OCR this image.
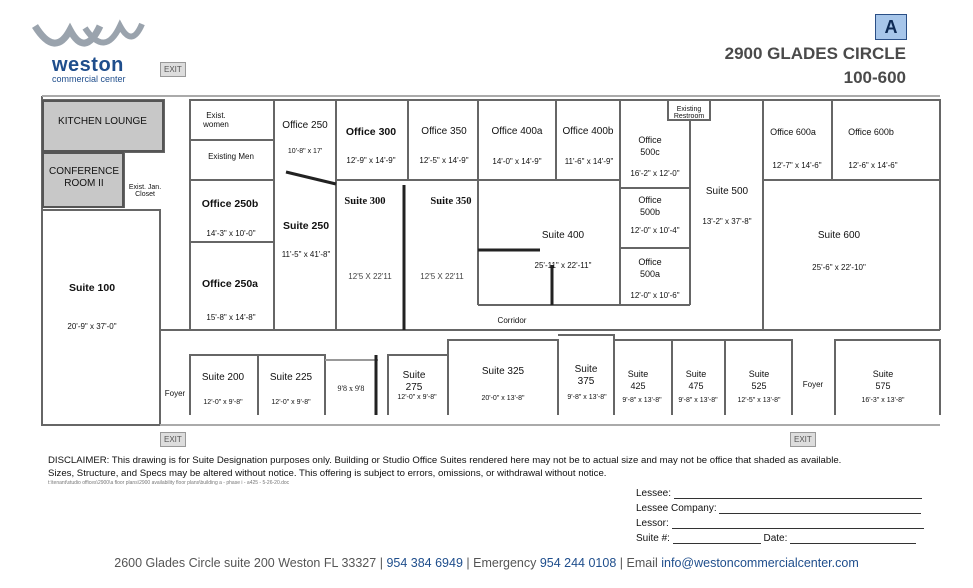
weston
commercial center
A
2900 GLADES CIRCLE
100-600
EXIT
EXIT	EXIT
KITCHEN LOUNGE
CONFERENCE ROOM II	Exist. Jan. Closet
Exist. women
Existing Men
Existing Restroom
Suite 100
20'-9" x 37'-0"
Office 250
10'-8" x 17'
Office 250b
14'-3" x 10'-0"
Office 250a
15'-8" x 14'-8"
Suite 250
11'-5" x 41'-8"
Office 300
12'-9" x 14'-9"
Suite 300
12'5 X 22'11
Office 350
12'-5" x 14'-9"
Suite 350
12'5 X 22'11
Office 400a
14'-0" x 14'-9"
Office 400b
11'-6" x 14'-9"
Suite 400
25'-11" x 22'-11"
Office 500c
16'-2" x 12'-0"
Office 500b
12'-0" x 10'-4"
Office 500a
12'-0" x 10'-6"
Suite 500
13'-2" x 37'-8"
Office 600a
12'-7" x 14'-6"
Office 600b
12'-6" x 14'-6"
Suite 600
25'-6" x 22'-10"
Corridor
Foyer
Foyer
Suite 200
12'-0" x 9'-8"
Suite 225
12'-0" x 9'-8"
9'8 x 9'8
Suite 275
12'-0" x 9'-8"
Suite 325
20'-0" x 13'-8"
Suite 375
9'-8" x 13'-8"
Suite 425
9'-8" x 13'-8"
Suite 475
9'-8" x 13'-8"
Suite 525
12'-5" x 13'-8"
Suite 575
16'-3" x 13'-8"
DISCLAIMER: This drawing is for Suite Designation purposes only. Building or Studio Office Suites rendered here may not be to actual size and may not be office that shaded as available.
Sizes, Structure, and Specs may be altered without notice. This offering is subject to errors, omissions, or withdrawal without notice.
t:\tenant\studio offices\2900\a floor plans\2900 availability floor plans\building a - phase i - a425 - 5-26-20.doc
Lessee:
Lessee Company:
Lessor:
Suite #:	Date:
2600 Glades Circle suite 200 Weston FL 33327 | 954 384 6949 | Emergency 954 244 0108 | Email info@westoncommercialcenter.com
